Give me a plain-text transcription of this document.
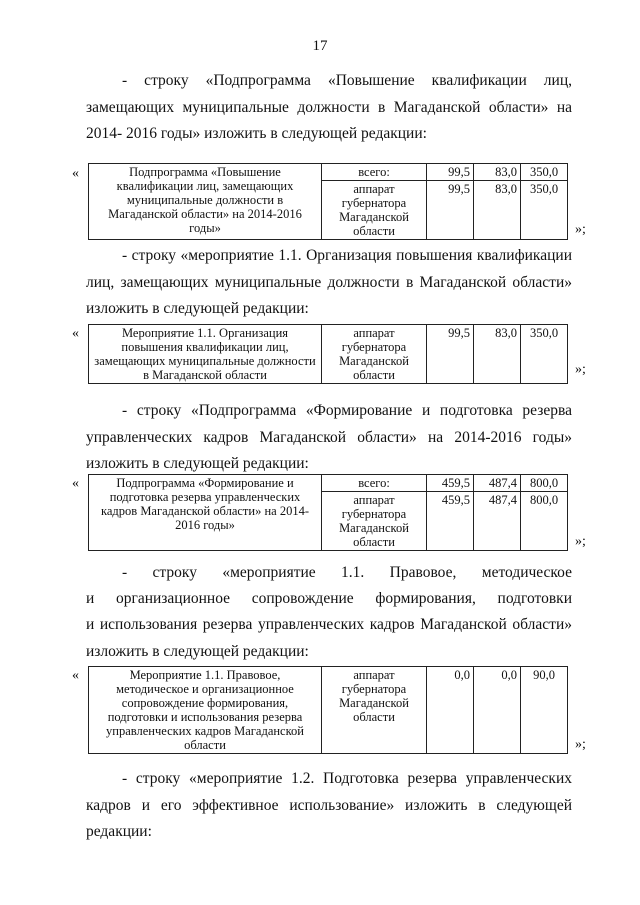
17
- строку «Подпрограмма «Повышение квалификации лиц, замещающих муниципальные должности в Магаданской области» на 2014- 2016 годы» изложить в следующей редакции:
«	Подпрограмма «Повышение квалификации лиц, замещающих муниципальные должности в Магаданской области» на 2014-2016 годы»	всего:	99,5	83,0	350,0
	аппарат губернатора Магаданской области	99,5	83,0	350,0
»;
- строку «мероприятие 1.1. Организация повышения квалификации лиц, замещающих муниципальные должности в Магаданской области» изложить в следующей редакции:
«	Мероприятие 1.1. Организация повышения квалификации лиц, замещающих муниципальные должности в Магаданской области	аппарат губернатора Магаданской области	99,5	83,0	350,0
»;
- строку «Подпрограмма «Формирование и подготовка резерва управленческих кадров Магаданской области» на 2014-2016 годы» изложить в следующей редакции:
«	Подпрограмма «Формирование и подготовка резерва управленческих кадров Магаданской области» на 2014-2016 годы»	всего:	459,5	487,4	800,0
	аппарат губернатора Магаданской области	459,5	487,4	800,0
»;
- строку «мероприятие 1.1. Правовое, методическое
и организационное сопровождение формирования, подготовки
и использования резерва управленческих кадров Магаданской области» изложить в следующей редакции:
«	Мероприятие 1.1. Правовое, методическое и организационное сопровождение формирования, подготовки и использования резерва управленческих кадров Магаданской области	аппарат губернатора Магаданской области	0,0	0,0	90,0
»;
- строку «мероприятие 1.2. Подготовка резерва управленческих кадров и его эффективное использование» изложить в следующей редакции:
